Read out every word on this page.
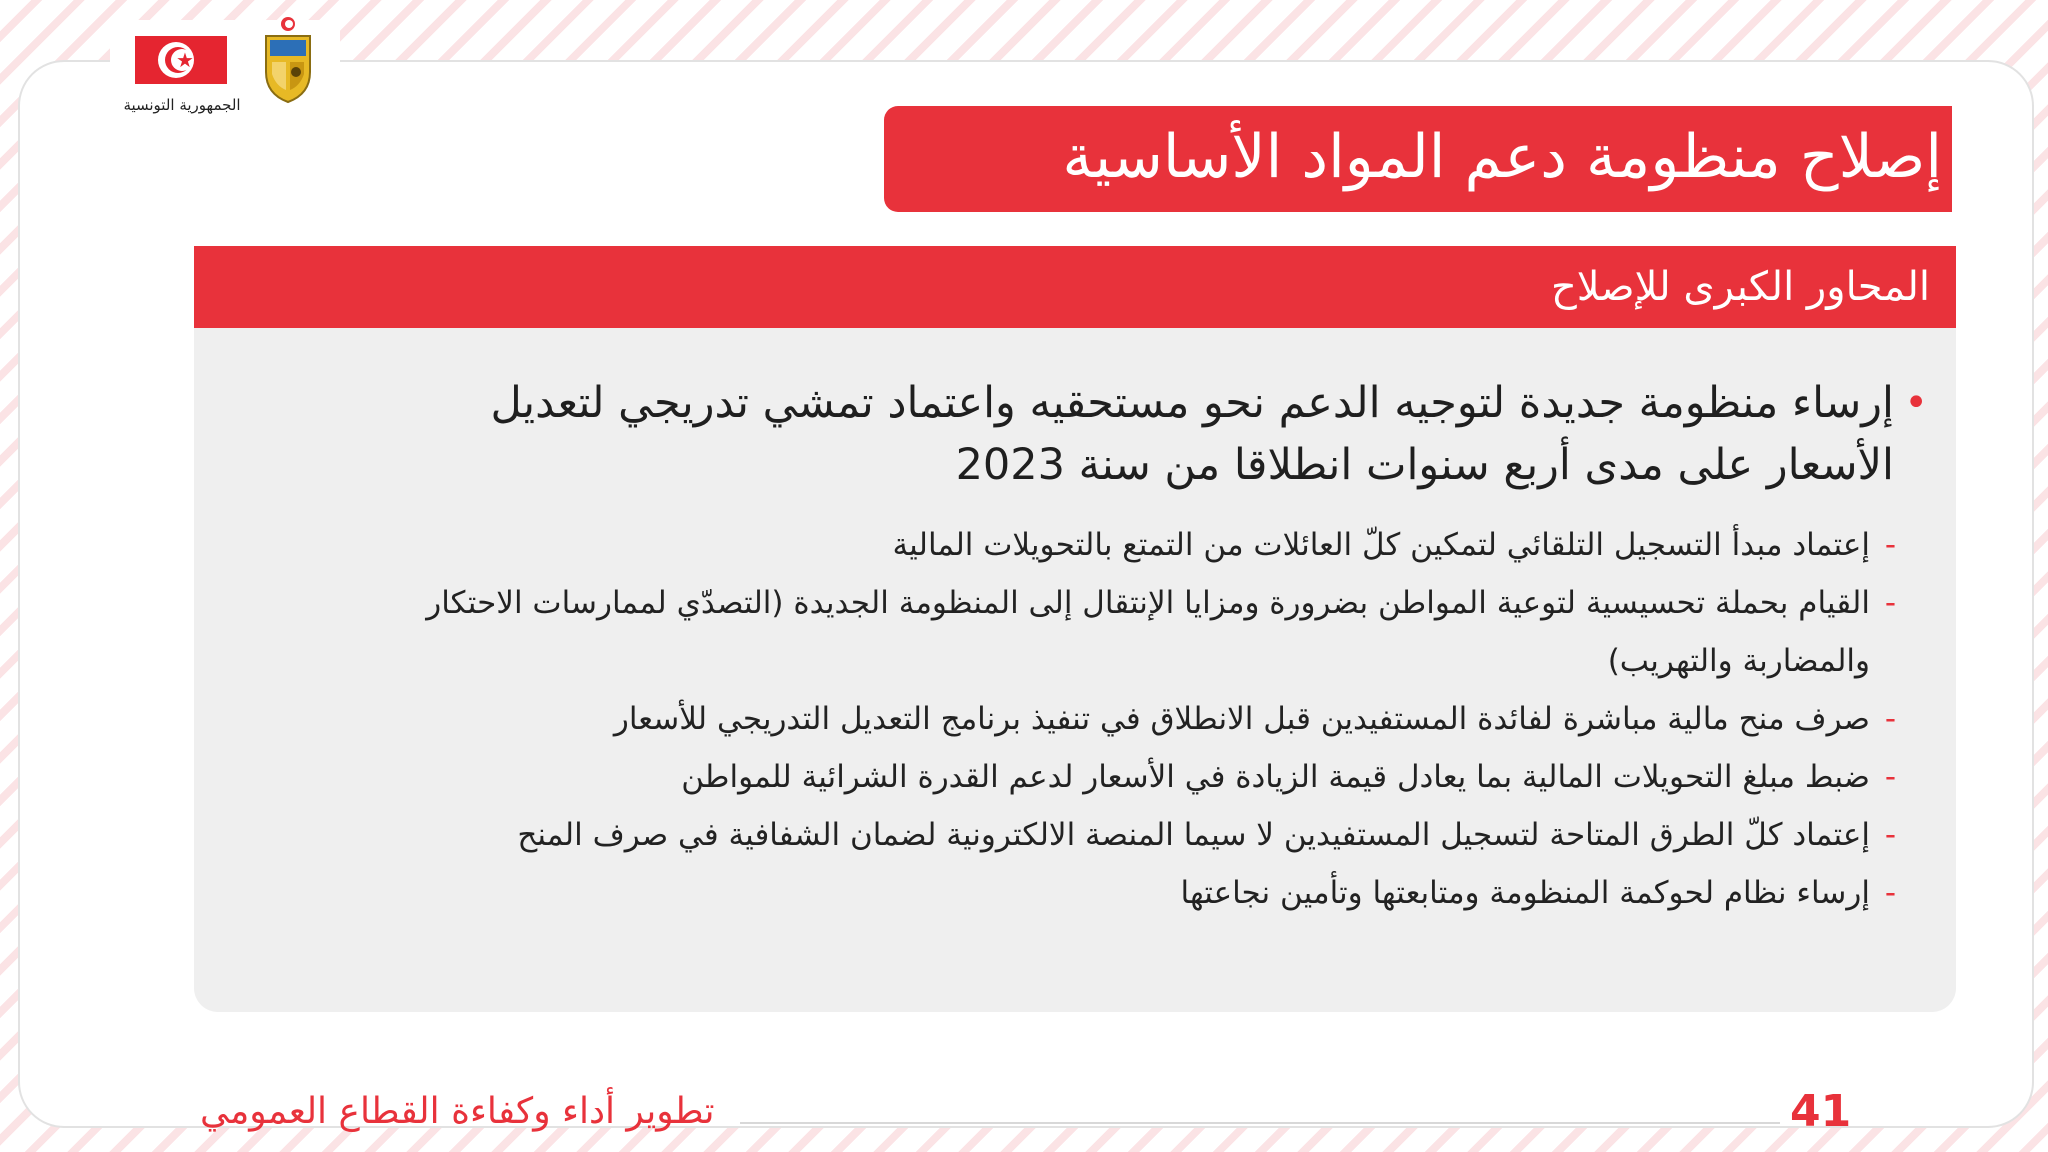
★
الجمهورية التونسية
إصلاح منظومة دعم المواد الأساسية
المحاور الكبرى للإصلاح
•
إرساء منظومة جديدة لتوجيه الدعم نحو مستحقيه واعتماد تمشي تدريجي لتعديل الأسعار على مدى أربع سنوات انطلاقا من سنة 2023
-
إعتماد مبدأ التسجيل التلقائي لتمكين كلّ العائلات من التمتع بالتحويلات المالية
-
القيام بحملة تحسيسية لتوعية المواطن بضرورة ومزايا الإنتقال إلى المنظومة الجديدة (التصدّي لممارسات الاحتكار والمضاربة والتهريب)
-
صرف منح مالية مباشرة لفائدة المستفيدين قبل الانطلاق في تنفيذ برنامج التعديل التدريجي للأسعار
-
ضبط مبلغ التحويلات المالية بما يعادل قيمة الزيادة في الأسعار لدعم القدرة الشرائية للمواطن
-
إعتماد كلّ الطرق المتاحة لتسجيل المستفيدين لا سيما المنصة الالكترونية لضمان الشفافية في صرف المنح
-
إرساء نظام لحوكمة المنظومة ومتابعتها وتأمين نجاعتها
تطوير أداء وكفاءة القطاع العمومي	41
